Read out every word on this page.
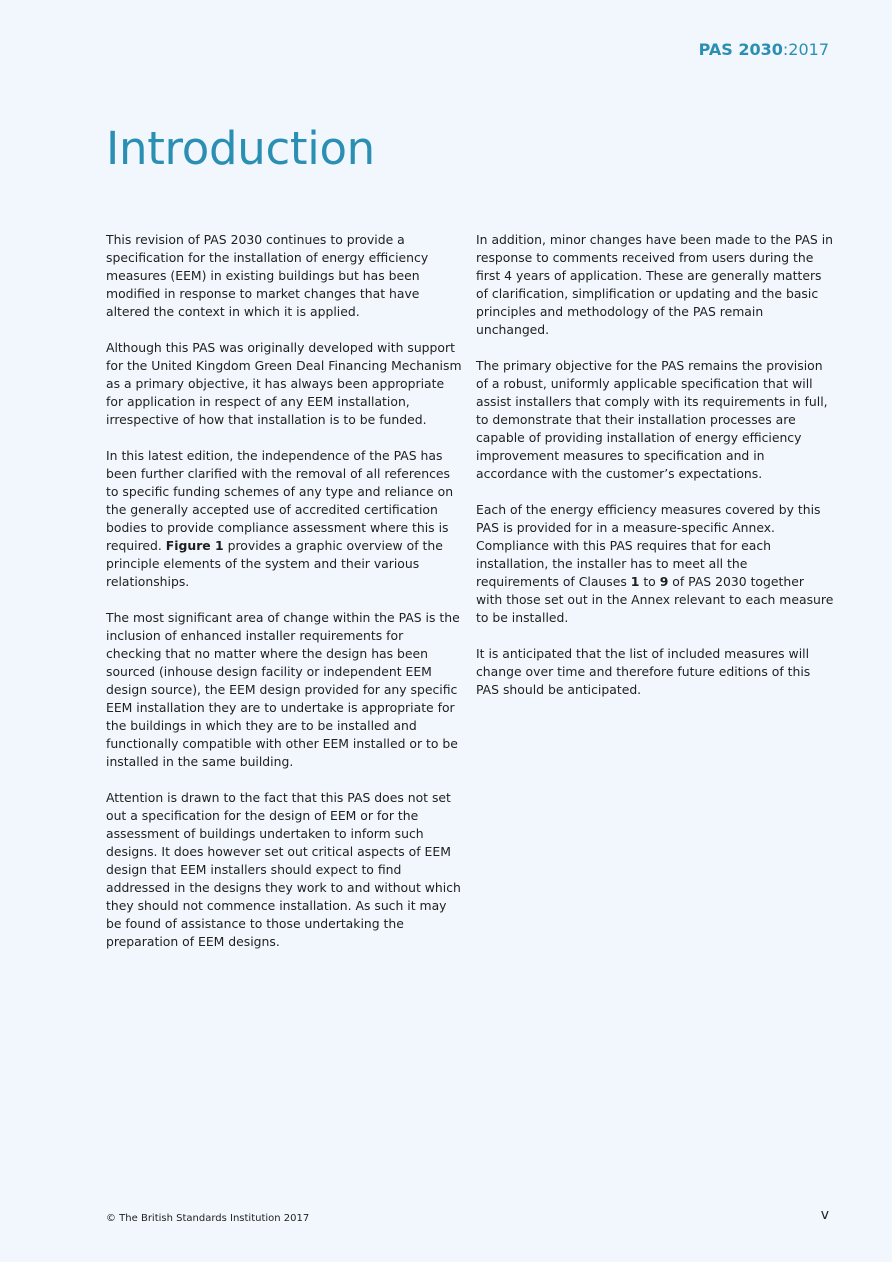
PAS 2030:2017
Introduction

This revision of PAS 2030 continues to provide a specification for the installation of energy efficiency measures (EEM) in existing buildings but has been modified in response to market changes that have altered the context in which it is applied.

Although this PAS was originally developed with support for the United Kingdom Green Deal Financing Mechanism as a primary objective, it has always been appropriate for application in respect of any EEM installation, irrespective of how that installation is to be funded.

In this latest edition, the independence of the PAS has been further clarified with the removal of all references to specific funding schemes of any type and reliance on the generally accepted use of accredited certification bodies to provide compliance assessment where this is required. Figure 1 provides a graphic overview of the principle elements of the system and their various relationships.

The most significant area of change within the PAS is the inclusion of enhanced installer requirements for checking that no matter where the design has been sourced (inhouse design facility or independent EEM design source), the EEM design provided for any specific EEM installation they are to undertake is appropriate for the buildings in which they are to be installed and functionally compatible with other EEM installed or to be installed in the same building.

Attention is drawn to the fact that this PAS does not set out a specification for the design of EEM or for the assessment of buildings undertaken to inform such designs. It does however set out critical aspects of EEM design that EEM installers should expect to find addressed in the designs they work to and without which they should not commence installation. As such it may be found of assistance to those undertaking the preparation of EEM designs.

In addition, minor changes have been made to the PAS in response to comments received from users during the first 4 years of application. These are generally matters of clarification, simplification or updating and the basic principles and methodology of the PAS remain unchanged.

The primary objective for the PAS remains the provision of a robust, uniformly applicable specification that will assist installers that comply with its requirements in full, to demonstrate that their installation processes are capable of providing installation of energy efficiency improvement measures to specification and in accordance with the customer’s expectations.

Each of the energy efficiency measures covered by this PAS is provided for in a measure-specific Annex. Compliance with this PAS requires that for each installation, the installer has to meet all the requirements of Clauses 1 to 9 of PAS 2030 together with those set out in the Annex relevant to each measure to be installed.

It is anticipated that the list of included measures will change over time and therefore future editions of this PAS should be anticipated.

© The British Standards Institution 2017	v
